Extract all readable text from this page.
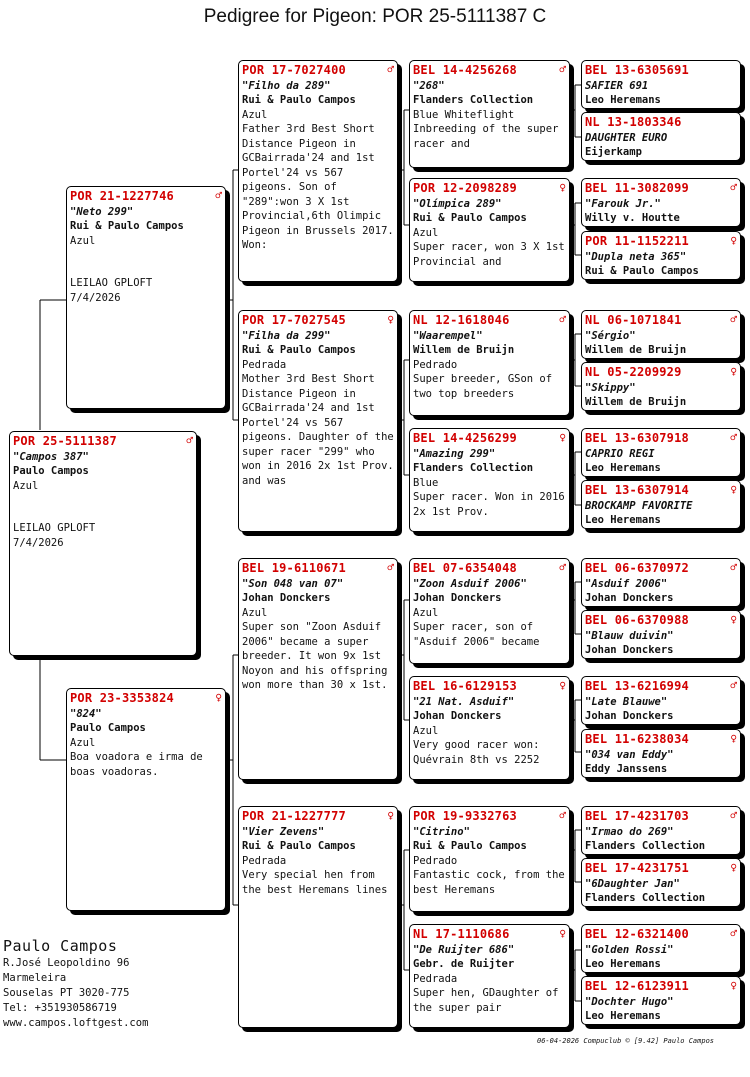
Pedigree for Pigeon: POR 25-5111387 C
POR 25-5111387	♂
"Campos 387"
Paulo Campos
Azul
LEILAO GPLOFT
7/4/2026
POR 21-1227746	♂
"Neto 299"
Rui & Paulo Campos
Azul
LEILAO GPLOFT
7/4/2026
POR 23-3353824	♀
"824"
Paulo Campos
Azul
Boa voadora e irma de boas voadoras.
POR 17-7027400	♂
"Filho da 289"
Rui & Paulo Campos
Azul
Father 3rd Best Short Distance Pigeon in GCBairrada'24 and 1st Portel'24 vs 567 pigeons. Son of "289":won 3 X 1st Provincial,6th Olimpic Pigeon in Brussels 2017. Won:
POR 17-7027545	♀
"Filha da 299"
Rui & Paulo Campos
Pedrada
Mother 3rd Best Short Distance Pigeon in GCBairrada'24 and 1st Portel'24 vs 567 pigeons. Daughter of the super racer "299" who won in 2016 2x 1st Prov. and was
BEL 19-6110671	♂
"Son 048 van 07"
Johan Donckers
Azul
Super son "Zoon Asduif 2006" became a super breeder. It won 9x 1st Noyon and his offspring won more than 30 x 1st.
POR 21-1227777	♀
"Vier Zevens"
Rui & Paulo Campos
Pedrada
Very special hen from the best Heremans lines
BEL 14-4256268	♂
"268"
Flanders Collection
Blue Whiteflight
Inbreeding of the super racer and
POR 12-2098289	♀
"Olímpica 289"
Rui & Paulo Campos
Azul
Super racer, won 3 X 1st Provincial and
NL 12-1618046	♂
"Waarempel"
Willem de Bruijn
Pedrado
Super breeder, GSon of two top breeders
BEL 14-4256299	♀
"Amazing 299"
Flanders Collection
Blue
Super racer. Won in 2016 2x 1st Prov.
BEL 07-6354048	♂
"Zoon Asduif 2006"
Johan Donckers
Azul
Super racer, son of "Asduif 2006" became
BEL 16-6129153	♀
"21 Nat. Asduif"
Johan Donckers
Azul
Very good racer won: Quévrain 8th vs 2252
POR 19-9332763	♂
"Citrino"
Rui & Paulo Campos
Pedrado
Fantastic cock, from the best Heremans
NL 17-1110686	♀
"De Ruijter 686"
Gebr. de Ruijter
Pedrada
Super hen, GDaughter of the super pair
BEL 13-6305691
SAFIER 691
Leo Heremans
NL 13-1803346
DAUGHTER EURO
Eijerkamp
BEL 11-3082099	♂
"Farouk Jr."
Willy v. Houtte
POR 11-1152211	♀
"Dupla neta 365"
Rui & Paulo Campos
NL 06-1071841	♂
"Sérgio"
Willem de Bruijn
NL 05-2209929	♀
"Skippy"
Willem de Bruijn
BEL 13-6307918	♂
CAPRIO REGI
Leo Heremans
BEL 13-6307914	♀
BROCKAMP FAVORITE
Leo Heremans
BEL 06-6370972	♂
"Asduif 2006"
Johan Donckers
BEL 06-6370988	♀
"Blauw duivin"
Johan Donckers
BEL 13-6216994	♂
"Late Blauwe"
Johan Donckers
BEL 11-6238034	♀
"034 van Eddy"
Eddy Janssens
BEL 17-4231703	♂
"Irmao do 269"
Flanders Collection
BEL 17-4231751	♀
"6Daughter Jan"
Flanders Collection
BEL 12-6321400	♂
"Golden Rossi"
Leo Heremans
BEL 12-6123911	♀
"Dochter Hugo"
Leo Heremans
Paulo Campos
R.José Leopoldino 96
Marmeleira
Souselas PT 3020-775
Tel: +351930586719
www.campos.loftgest.com
06-04-2026 Compuclub © [9.42] Paulo Campos
